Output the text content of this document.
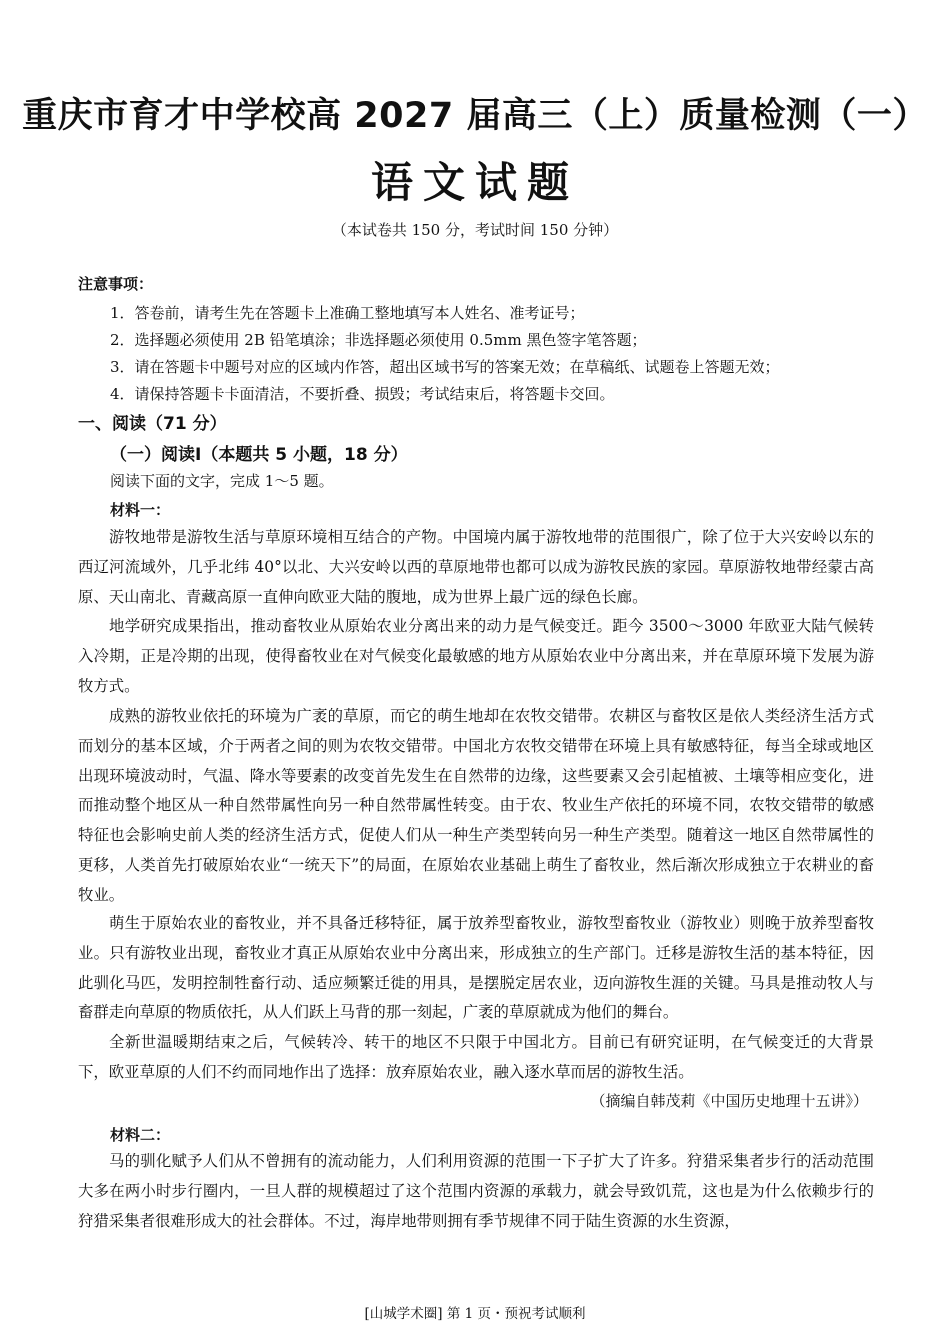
重庆市育才中学校高 2027 届高三（上）质量检测（一）
语文试题
（本试卷共 150 分，考试时间 150 分钟）
注意事项：
1．答卷前，请考生先在答题卡上准确工整地填写本人姓名、准考证号；
2．选择题必须使用 2B 铅笔填涂；非选择题必须使用 0.5mm 黑色签字笔答题；
3．请在答题卡中题号对应的区域内作答，超出区域书写的答案无效；在草稿纸、试题卷上答题无效；
4．请保持答题卡卡面清洁，不要折叠、损毁；考试结束后，将答题卡交回。
一、阅读（71 分）
（一）阅读Ⅰ（本题共 5 小题，18 分）
阅读下面的文字，完成 1～5 题。
材料一：

游牧地带是游牧生活与草原环境相互结合的产物。中国境内属于游牧地带的范围很广，除了位于大兴安岭以东的西辽河流域外，几乎北纬 40°以北、大兴安岭以西的草原地带也都可以成为游牧民族的家园。草原游牧地带经蒙古高原、天山南北、青藏高原一直伸向欧亚大陆的腹地，成为世界上最广远的绿色长廊。

地学研究成果指出，推动畜牧业从原始农业分离出来的动力是气候变迁。距今 3500～3000 年欧亚大陆气候转入冷期，正是冷期的出现，使得畜牧业在对气候变化最敏感的地方从原始农业中分离出来，并在草原环境下发展为游牧方式。

成熟的游牧业依托的环境为广袤的草原，而它的萌生地却在农牧交错带。农耕区与畜牧区是依人类经济生活方式而划分的基本区域，介于两者之间的则为农牧交错带。中国北方农牧交错带在环境上具有敏感特征，每当全球或地区出现环境波动时，气温、降水等要素的改变首先发生在自然带的边缘，这些要素又会引起植被、土壤等相应变化，进而推动整个地区从一种自然带属性向另一种自然带属性转变。由于农、牧业生产依托的环境不同，农牧交错带的敏感特征也会影响史前人类的经济生活方式，促使人们从一种生产类型转向另一种生产类型。随着这一地区自然带属性的更移，人类首先打破原始农业“一统天下”的局面，在原始农业基础上萌生了畜牧业，然后渐次形成独立于农耕业的畜牧业。

萌生于原始农业的畜牧业，并不具备迁移特征，属于放养型畜牧业，游牧型畜牧业（游牧业）则晚于放养型畜牧业。只有游牧业出现，畜牧业才真正从原始农业中分离出来，形成独立的生产部门。迁移是游牧生活的基本特征，因此驯化马匹，发明控制牲畜行动、适应频繁迁徙的用具，是摆脱定居农业，迈向游牧生涯的关键。马具是推动牧人与畜群走向草原的物质依托，从人们跃上马背的那一刻起，广袤的草原就成为他们的舞台。

全新世温暖期结束之后，气候转冷、转干的地区不只限于中国北方。目前已有研究证明，在气候变迁的大背景下，欧亚草原的人们不约而同地作出了选择：放弃原始农业，融入逐水草而居的游牧生活。

（摘编自韩茂莉《中国历史地理十五讲》）
材料二：

马的驯化赋予人们从不曾拥有的流动能力，人们利用资源的范围一下子扩大了许多。狩猎采集者步行的活动范围大多在两小时步行圈内，一旦人群的规模超过了这个范围内资源的承载力，就会导致饥荒，这也是为什么依赖步行的狩猎采集者很难形成大的社会群体。不过，海岸地带则拥有季节规律不同于陆生资源的水生资源，

[山城学术圈] 第 1 页・预祝考试顺利
